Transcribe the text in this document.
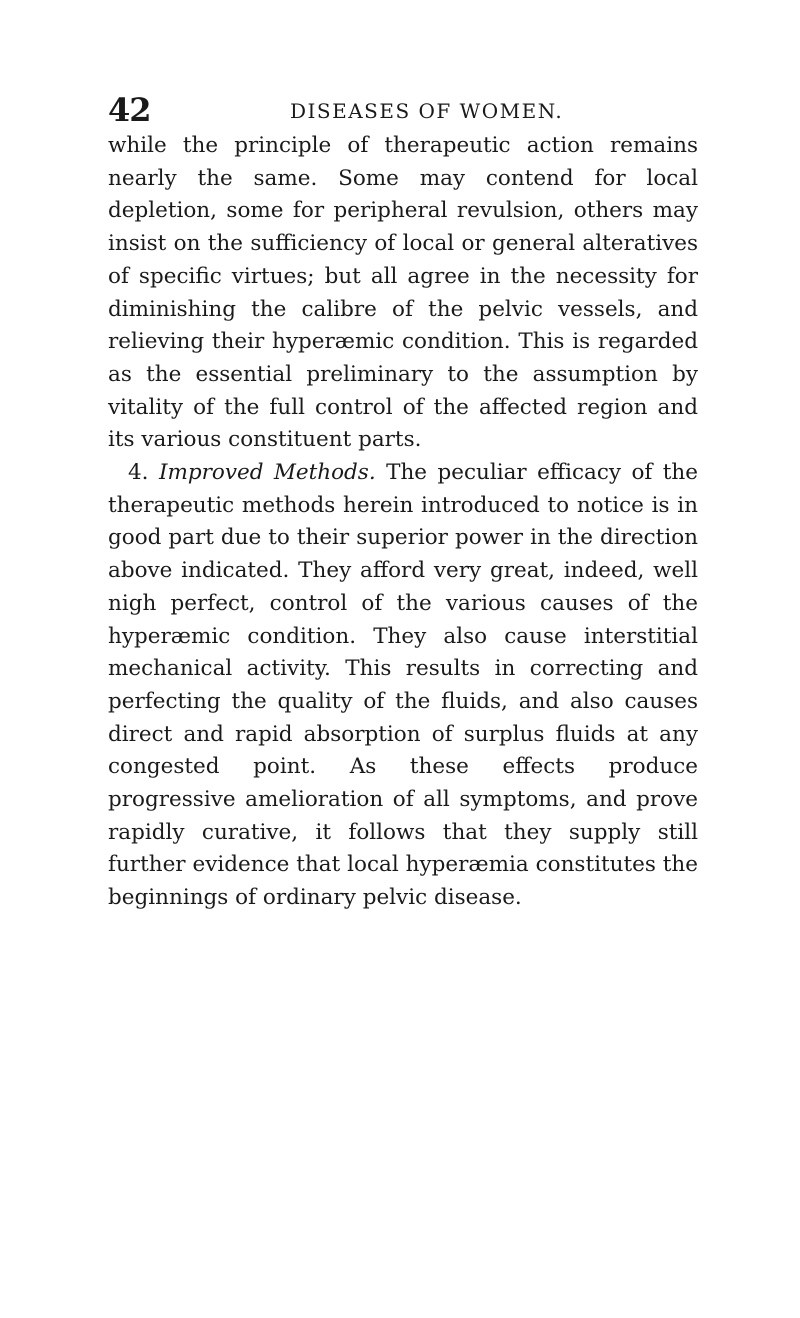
42	DISEASES OF WOMEN.

while the principle of therapeutic action remains nearly the same. Some may contend for local depletion, some for peripheral revulsion, others may insist on the sufficiency of local or general alteratives of specific virtues; but all agree in the necessity for diminishing the calibre of the pelvic vessels, and relieving their hyperæmic condition. This is regarded as the essential preliminary to the assumption by vitality of the full control of the affected region and its various constituent parts.

4. Improved Methods. The peculiar efficacy of the therapeutic methods herein introduced to notice is in good part due to their superior power in the direction above indicated. They afford very great, indeed, well nigh perfect, control of the various causes of the hyperæmic condition. They also cause interstitial mechanical activity. This results in correcting and perfecting the quality of the fluids, and also causes direct and rapid absorption of surplus fluids at any congested point. As these effects produce progressive amelioration of all symptoms, and prove rapidly curative, it follows that they supply still further evidence that local hyperæmia constitutes the beginnings of ordinary pelvic disease.
